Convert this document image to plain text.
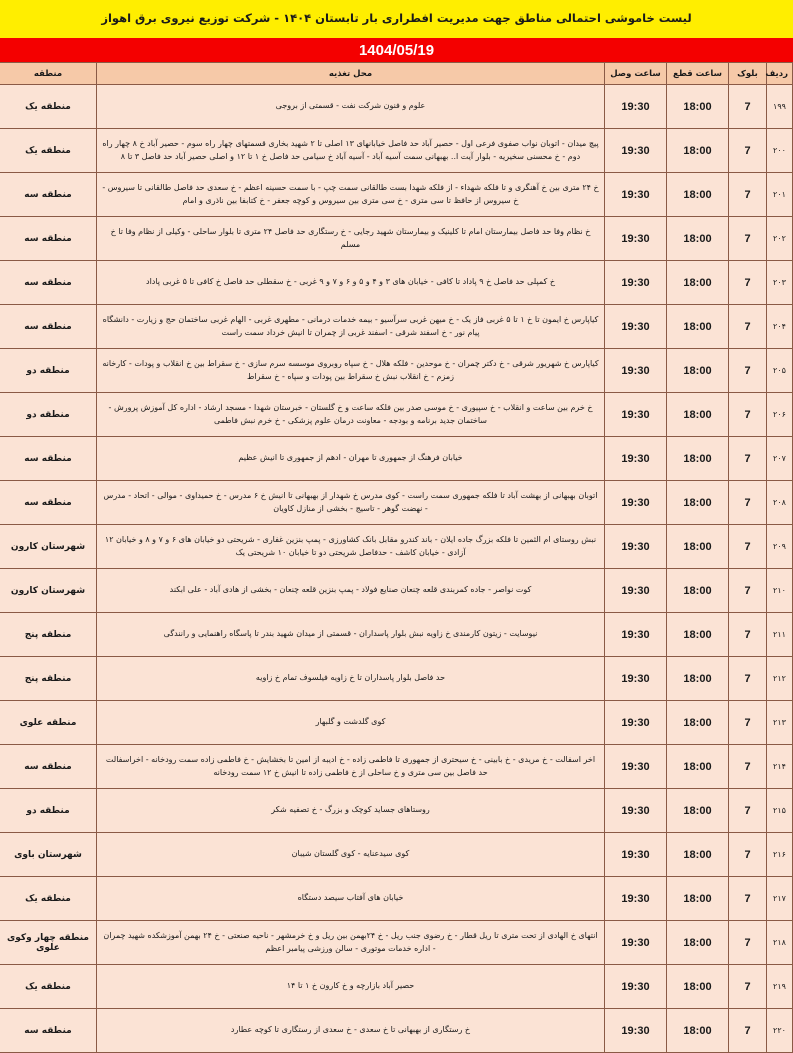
لیست خاموشی احتمالی مناطق جهت مدیریت افطراری بار تابستان ۱۴۰۴ - شرکت توزیع نیروی برق اهواز
1404/05/19
ردیف	بلوک	ساعت قطع	ساعت وصل	محل تغذیه	منطقه
۱۹۹	7	18:00	19:30	علوم و فنون شرکت نفت - قسمتی از بروجی	منطقه یک
۲۰۰	7	18:00	19:30	پیچ میدان - اتوبان نواب صفوی فرعی اول - حصیر آباد حد فاصل خیابانهای ۱۳ اصلی تا ۲ شهید بخاری قسمتهای چهار راه سوم - حصیر آباد خ ۸ چهار راه دوم - خ محسنی سخیریه - بلوار آیت ا.. بهبهانی سمت آسیه آباد - آسیه آباد خ سیامی حد فاصل خ ۱ تا ۱۲ و اصلی حصیر آباد حد فاصل ۳ تا ۸	منطقه یک
۲۰۱	7	18:00	19:30	خ ۲۴ متری بین خ آهنگری و تا فلکه شهداء - از فلکه شهدا بست طالقانی سمت چپ - با سمت حسینه اعظم - خ سعدی حد فاصل طالقانی تا سیروس - خ سیروس از حافظ تا سی متری - خ سی متری بین سیروس و کوچه جعفر - خ کتابفا بین ناذری و امام	منطقه سه
۲۰۲	7	18:00	19:30	خ نظام وفا حد فاصل بیمارستان امام تا کلینیک و بیمارستان شهید رجایی - خ رستگاری حد فاصل ۲۴ متری تا بلوار ساحلی - وکیلی از نظام وفا تا خ مسلم	منطقه سه
۲۰۳	7	18:00	19:30	خ کمپلی حد فاصل خ ۹ پاداد تا کافی - خیابان های ۳ و ۴ و ۵ و ۶ و ۷ و ۹ غربی - خ سقطلی حد فاصل خ کافی تا ۵ غربی پاداد	منطقه سه
۲۰۴	7	18:00	19:30	کیاپارس خ ایمون تا خ ۱ تا ۵ غربی فاز یک - خ میهن غربی سرآسیو - بیمه خدمات درمانی - مطهری غربی - الهام غربی ساختمان حج و زیارت - دانشگاه پیام نور - خ اسفند شرقی - اسفند غربی از چمران تا انیش خرداد سمت راست	منطقه سه
۲۰۵	7	18:00	19:30	کیاپارس خ شهریور شرقی - خ دکتر چمران - خ موحدین - فلکه هلال - خ سپاه روبروی موسسه سرم سازی - خ سقراط بین خ انقلاب و پودات - کارخانه زمزم - خ انقلاب نبش خ سقراط بین پودات و سپاه - خ سقراط	منطقه دو
۲۰۶	7	18:00	19:30	خ خرم بین ساعت و انقلاب - خ سپیوری - خ موسی صدر بین فلکه ساعت و خ گلستان - خبرستان شهدا - مسجد ارشاد - اداره کل آموزش پرورش - ساختمان جدید برنامه و بودجه - معاونت درمان علوم پزشکی - خ خرم نبش فاطمی	منطقه دو
۲۰۷	7	18:00	19:30	خیابان فرهنگ از جمهوری تا مهران - ادهم از جمهوری تا انیش عظیم	منطقه سه
۲۰۸	7	18:00	19:30	اتوبان بهبهانی از بهشت آباد تا فلکه جمهوری سمت راست - کوی مدرس خ شهدار از بهبهانی تا انیش خ ۶ مدرس - خ حمیداوی - موالی - اتحاد - مدرس - نهضت گوهر - تاسیج - بخشی از منازل کاویان	منطقه سه
۲۰۹	7	18:00	19:30	نبش روستای ام الثمین تا فلکه بزرگ جاده ایلان - باند کندرو مقابل بانک کشاورزی - پمپ بنزین غفاری - شریحتی دو خیابان های ۶ و ۷ و ۸ و خیابان ۱۲ آزادی - خیابان کاشف - حدفاصل شریحتی دو تا خیابان ۱۰ شریحتی یک	شهرستان کارون
۲۱۰	7	18:00	19:30	کوت نواصر - جاده کمربندی قلعه چنعان صنایع فولاد - پمپ بنزین قلعه چنعان - بخشی از هادی آباد - علی ابکند	شهرستان کارون
۲۱۱	7	18:00	19:30	نیوسایت - زیتون کارمندی خ زاویه نبش بلوار پاسداران - قسمتی از میدان شهید بندر تا پاسگاه راهنمایی و رانندگی	منطقه پنج
۲۱۲	7	18:00	19:30	حد فاصل بلوار پاسداران تا خ زاویه فیلسوف تمام خ زاویه	منطقه پنج
۲۱۳	7	18:00	19:30	کوی گلدشت و گلبهار	منطقه علوی
۲۱۴	7	18:00	19:30	اخر اسفالت - خ مریدی - خ بابینی - خ سیحتری از جمهوری تا فاطمی زاده - خ ادیبه از امین تا بخشایش - خ فاطمی زاده سمت رودخانه - اخراسفالت حد فاصل بین سی متری و خ ساحلی از خ فاطمی زاده تا انیش خ ۱۲ سمت رودخانه	منطقه سه
۲۱۵	7	18:00	19:30	روستاهای جساید کوچک و بزرگ - خ تصفیه شکر	منطقه دو
۲۱۶	7	18:00	19:30	کوی سیدعنایه - کوی گلستان شیبان	شهرستان باوی
۲۱۷	7	18:00	19:30	خیابان های آفتاب سیصد دستگاه	منطقه یک
۲۱۸	7	18:00	19:30	انتهای خ الهادی از تحت متری تا ریل قطار - خ رضوی جنب ریل - خ ۲۴بهمن بین ریل و خ خرمشهر - ناحیه صنعتی - خ ۲۴ بهمن آموزشکده شهید چمران - اداره خدمات موتوری - سالن ورزشی پیامبر اعظم	منطقه چهار وکوی علوی
۲۱۹	7	18:00	19:30	حصیر آباد بازارچه و خ کارون خ ۱ تا ۱۴	منطقه یک
۲۲۰	7	18:00	19:30	خ رستگاری از بهبهانی تا خ سعدی - خ سعدی از رستگاری تا کوچه عطارد	منطقه سه
